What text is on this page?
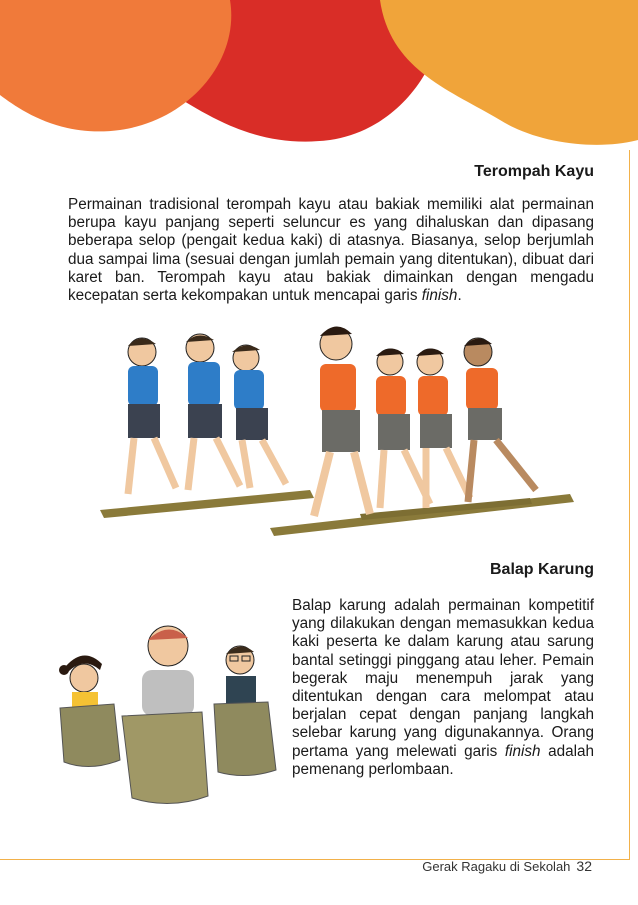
Terompah Kayu

Permainan tradisional terompah kayu atau bakiak memiliki alat permainan berupa kayu panjang seperti seluncur es yang dihaluskan dan dipasang beberapa selop (pengait kedua kaki) di atasnya. Biasanya, selop berjumlah dua sampai lima (sesuai dengan jumlah pemain yang ditentukan), dibuat dari karet ban. Terompah kayu atau bakiak dimainkan dengan mengadu kecepatan serta kekompakan untuk mencapai garis finish.

Balap Karung

Balap karung adalah permainan kompetitif yang dilakukan dengan memasukkan kedua kaki peserta ke dalam karung atau sarung bantal setinggi pinggang atau leher. Pemain begerak maju menempuh jarak yang ditentukan dengan cara melompat atau berjalan cepat dengan panjang langkah selebar karung yang digunakannya. Orang pertama yang melewati garis finish adalah pemenang perlombaan.

Gerak Ragaku di Sekolah 32
